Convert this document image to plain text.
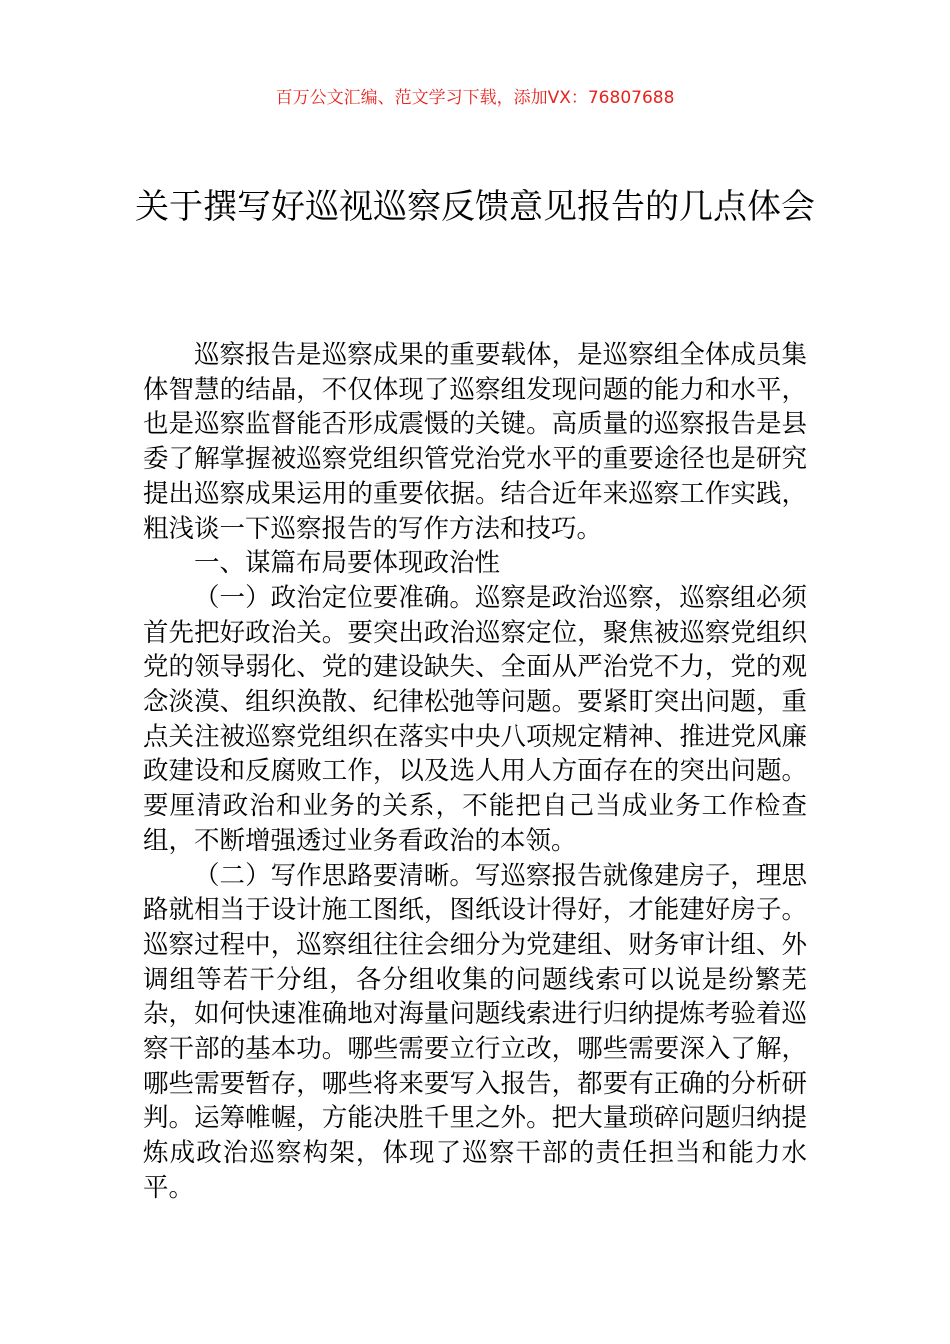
百万公文汇编、范文学习下载，添加VX：76807688
关于撰写好巡视巡察反馈意见报告的几点体会

巡察报告是巡察成果的重要载体，是巡察组全体成员集体智慧的结晶，不仅体现了巡察组发现问题的能力和水平，也是巡察监督能否形成震慑的关键。高质量的巡察报告是县委了解掌握被巡察党组织管党治党水平的重要途径也是研究提出巡察成果运用的重要依据。结合近年来巡察工作实践，粗浅谈一下巡察报告的写作方法和技巧。

一、谋篇布局要体现政治性

（一）政治定位要准确。巡察是政治巡察，巡察组必须首先把好政治关。要突出政治巡察定位，聚焦被巡察党组织党的领导弱化、党的建设缺失、全面从严治党不力，党的观念淡漠、组织涣散、纪律松弛等问题。要紧盯突出问题，重点关注被巡察党组织在落实中央八项规定精神、推进党风廉政建设和反腐败工作，以及选人用人方面存在的突出问题。要厘清政治和业务的关系，不能把自己当成业务工作检查组，不断增强透过业务看政治的本领。

（二）写作思路要清晰。写巡察报告就像建房子，理思路就相当于设计施工图纸，图纸设计得好，才能建好房子。巡察过程中，巡察组往往会细分为党建组、财务审计组、外调组等若干分组，各分组收集的问题线索可以说是纷繁芜杂，如何快速准确地对海量问题线索进行归纳提炼考验着巡察干部的基本功。哪些需要立行立改，哪些需要深入了解，哪些需要暂存，哪些将来要写入报告，都要有正确的分析研判。运筹帷幄，方能决胜千里之外。把大量琐碎问题归纳提炼成政治巡察构架，体现了巡察干部的责任担当和能力水平。
